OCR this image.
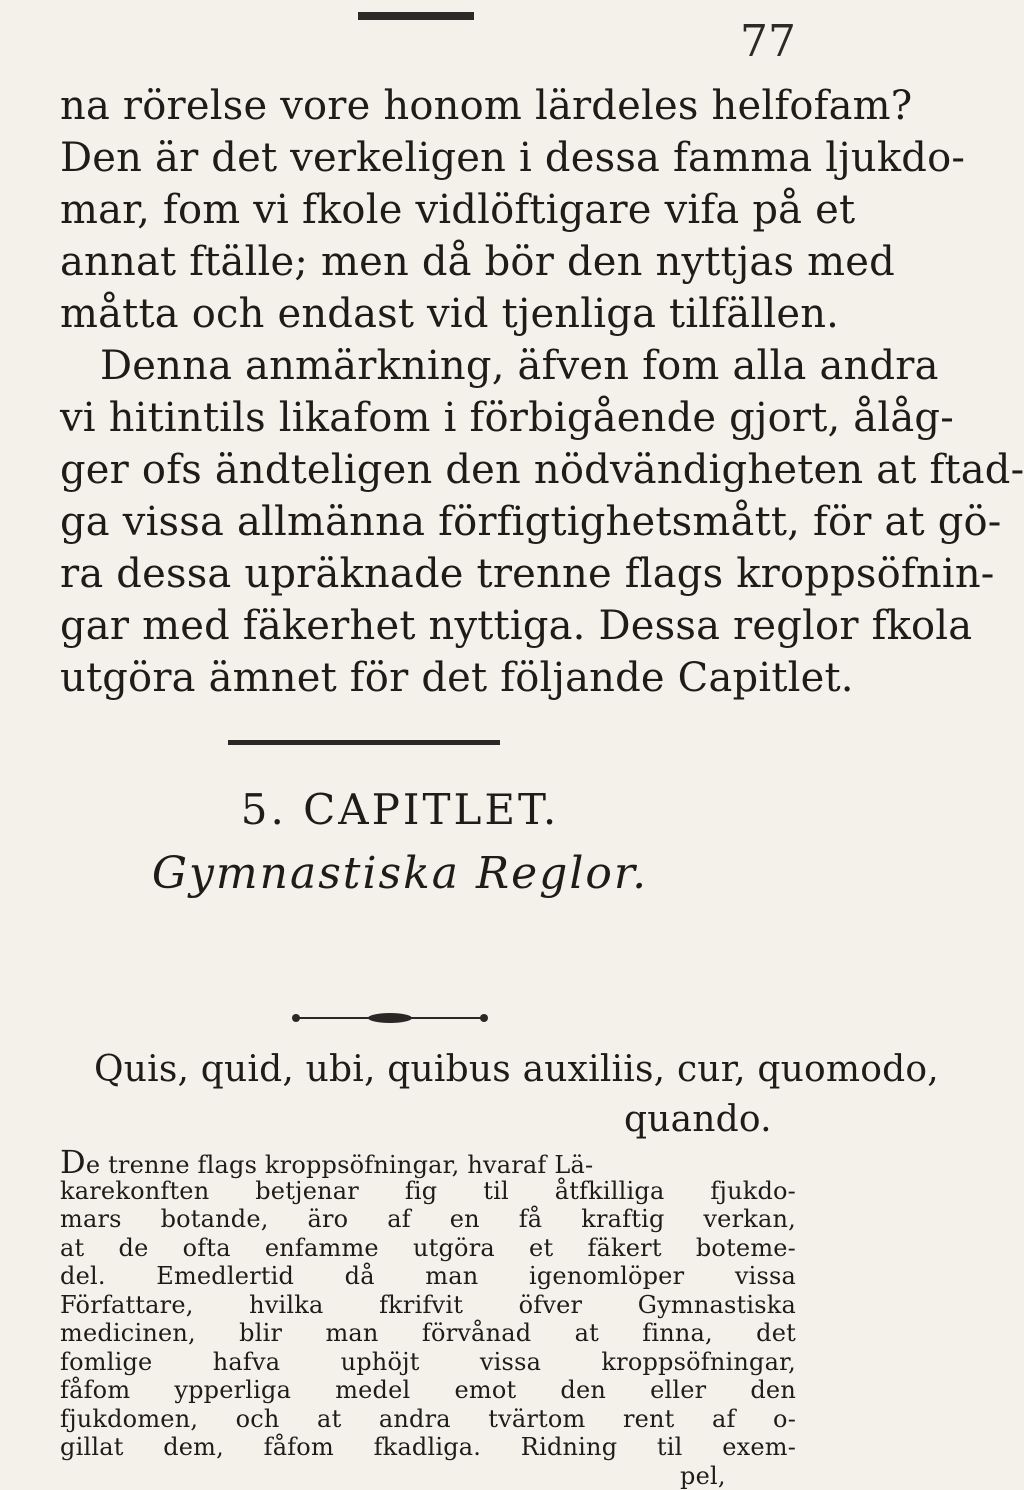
77
na rörelse vore honom lärdeles helfofam?
Den är det verkeligen i dessa famma ljukdo-
mar, fom vi fkole vidlöftigare vifa på et
annat ftälle; men då bör den nyttjas med
måtta och endast vid tjenliga tilfällen.
Denna anmärkning, äfven fom alla andra
vi hitintils likafom i förbigående gjort, ålåg-
ger ofs ändteligen den nödvändigheten at ftad-
ga vissa allmänna förfigtighetsmått, för at gö-
ra dessa upräknade trenne flags kroppsöfnin-
gar med fäkerhet nyttiga. Dessa reglor fkola
utgöra ämnet för det följande Capitlet.
5. CAPITLET.
Gymnastiska Reglor.
Quis, quid, ubi, quibus auxiliis, cur, quomodo,
quando.
De trenne flags kroppsöfningar, hvaraf Lä-
karekonften betjenar fig til åtfkilliga fjukdo-
mars botande, äro af en få kraftig verkan,
at de ofta enfamme utgöra et fäkert boteme-
del. Emedlertid då man igenomlöper vissa
Författare, hvilka fkrifvit öfver Gymnastiska
medicinen, blir man förvånad at finna, det
fomlige hafva uphöjt vissa kroppsöfningar,
fåfom ypperliga medel emot den eller den
fjukdomen, och at andra tvärtom rent af o-
gillat dem, fåfom fkadliga. Ridning til exem-
pel,
